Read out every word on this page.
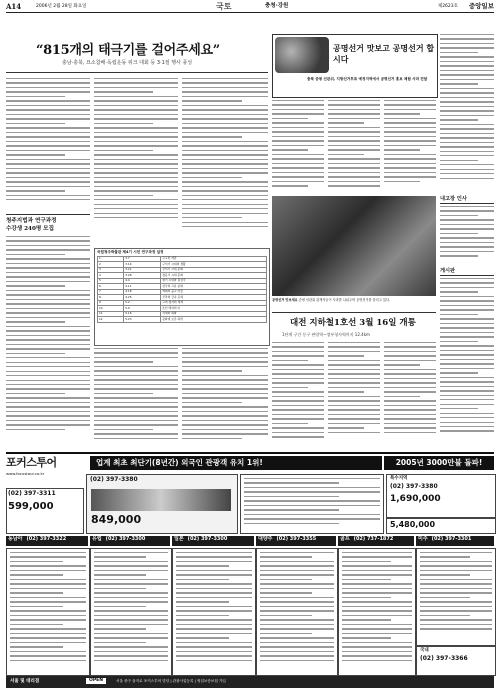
A14	2006년 2월 28일 화요일	국토	충청·강원	제2623호 중앙일보
“815개의 태극기를 걸어주세요”
충남·충북, 묘소참배·독립운동 위크 대회 등 3·1절 행사 풍성
청주지법과 연구과정
수강생 240명 모집
국립청주박물관 제4기 시민 연구과정 일정
1	3.7	고고학 개관
2	3.14	구석기 시대의 생활
3	3.21	신석기 시대 문화
4	3.28	청동기 시대 문화
5	4.4	철기 시대와 원삼국
6	4.11	삼국의 고분 문화
7	4.18	백제의 불교 미술
8	4.25	신라의 금속 공예
9	5.2	고려 청자의 세계
10	5.9	조선 백자의 미
11	5.16	서예와 회화
12	5.23	문화재 보존 과학
공명선거 맛보고 공명선거 합시다
충북 증평 선관위, 지방선거투표 예정지역에서 공명선거 홍보 체험 사과 전달
공명선거 맛보세요 증평 선관위 관계자들이 사과를 나눠주며 공명선거를 알리고 있다.
대전 지하철1호선 3월 16일 개통
1단계 구간 동구 판암역∼정부청사역까지 12.4km
내고장 인사
게시판
포커스투어
www.focustour.co.kr
업계 최초 최단기(8년간) 외국인 관광객 유치 1위!	2005년 3000만불 돌파!
(02) 397-3311
599,000
(02) 397-3380
849,000
특수지역
(02) 397-3380
1,690,000
5,480,000
동남아 (02) 397-3322	유럽 (02) 397-3300	일본 (02) 397-3300	대양주 (02) 397-3355	골프 (02) 737-1872	미주 (02) 397-3301
국내
(02) 397-3366
서울 및 대리점	OPEN	서울 중구 을지로 포커스투어 빌딩 | 관광사업등록 | 영업보증보험 가입
